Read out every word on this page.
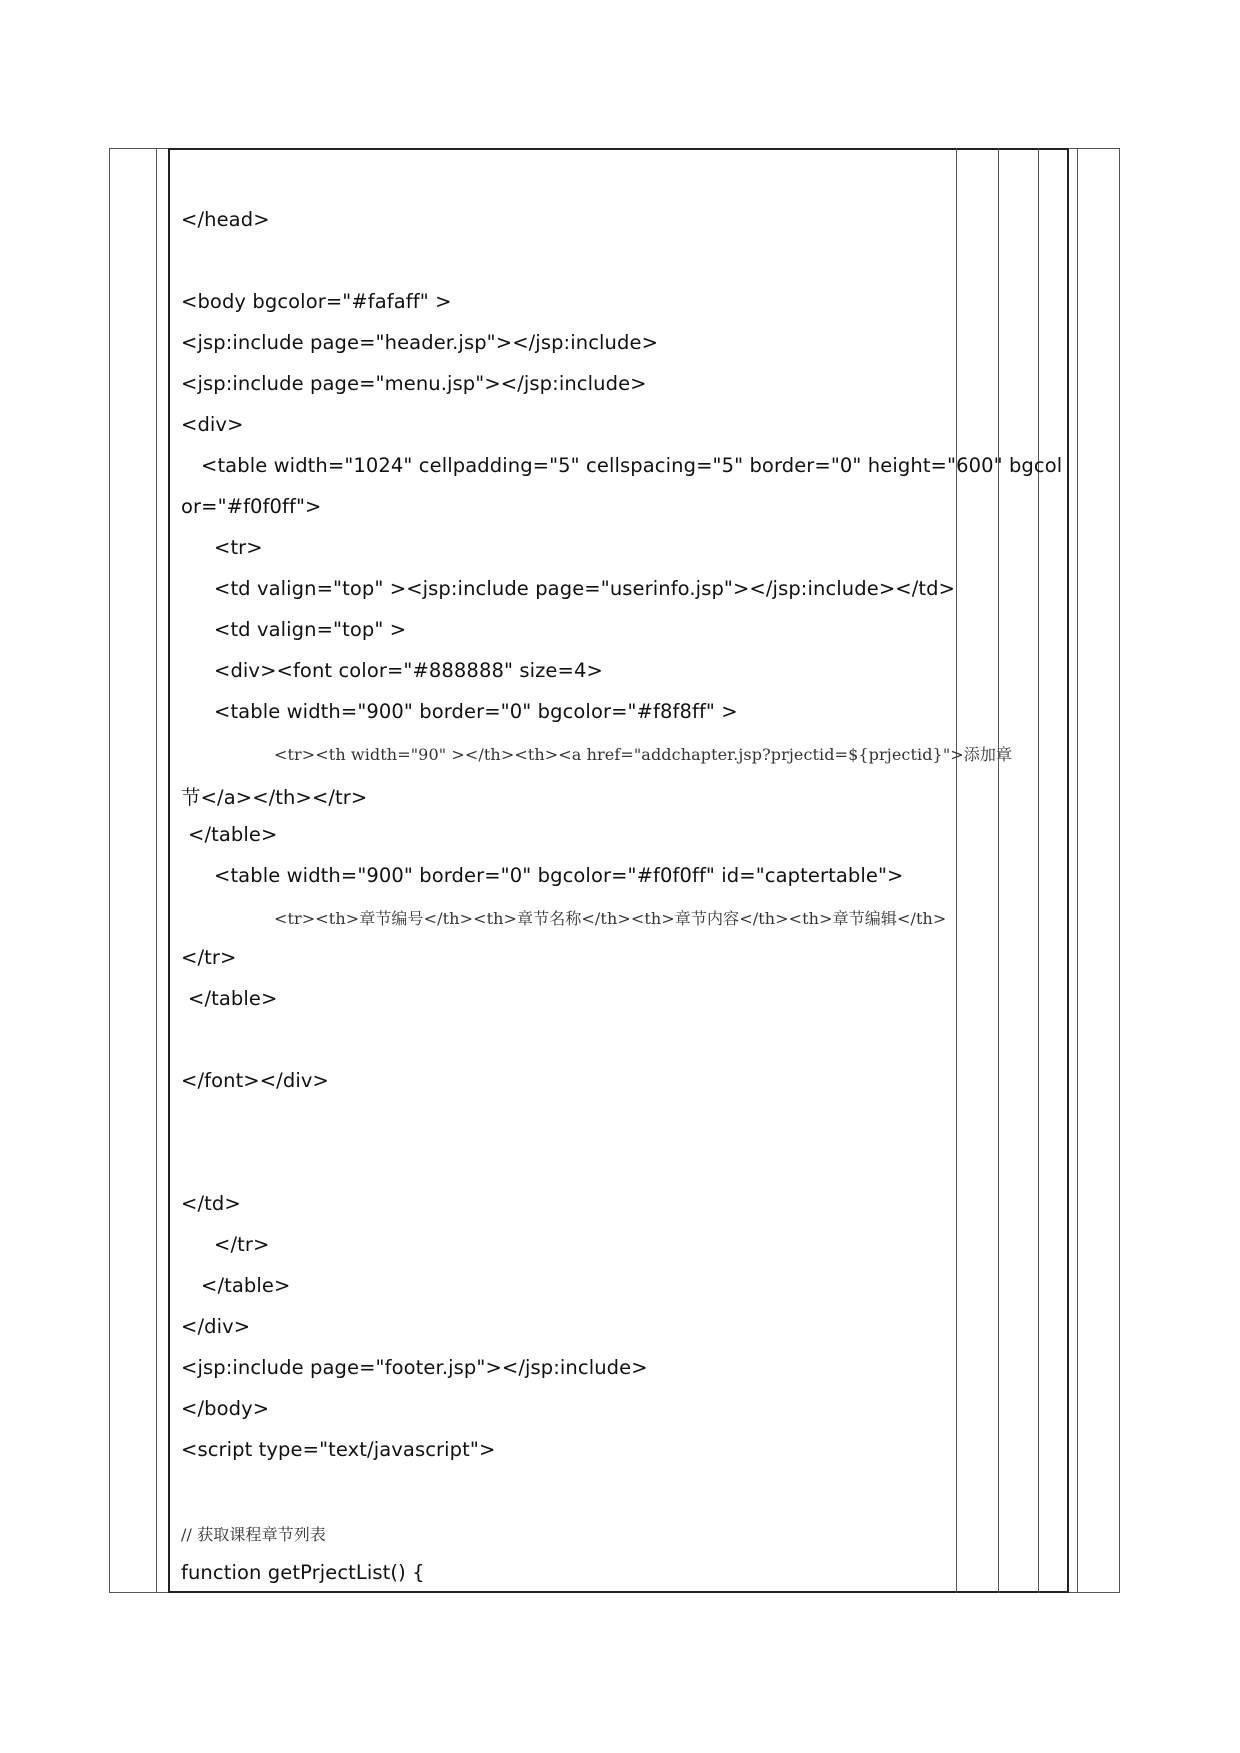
</head>
<body bgcolor="#fafaff" >
<jsp:include page="header.jsp"></jsp:include>
<jsp:include page="menu.jsp"></jsp:include>
<div>
<table width="1024" cellpadding="5" cellspacing="5" border="0" height="600" bgcol
or="#f0f0ff">
<tr>
<td valign="top" ><jsp:include page="userinfo.jsp"></jsp:include></td>
<td valign="top" >
<div><font color="#888888" size=4>
<table width="900" border="0" bgcolor="#f8f8ff" >
<tr><th width="90" ></th><th><a href="addchapter.jsp?prjectid=${prjectid}">添加章
节</a></th></tr>
</table>
<table width="900" border="0" bgcolor="#f0f0ff" id="captertable">
<tr><th>章节编号</th><th>章节名称</th><th>章节内容</th><th>章节编辑</th>
</tr>
</table>
</font></div>
</td>
</tr>
</table>
</div>
<jsp:include page="footer.jsp"></jsp:include>
</body>
<script type="text/javascript">
// 获取课程章节列表
function getPrjectList() {
